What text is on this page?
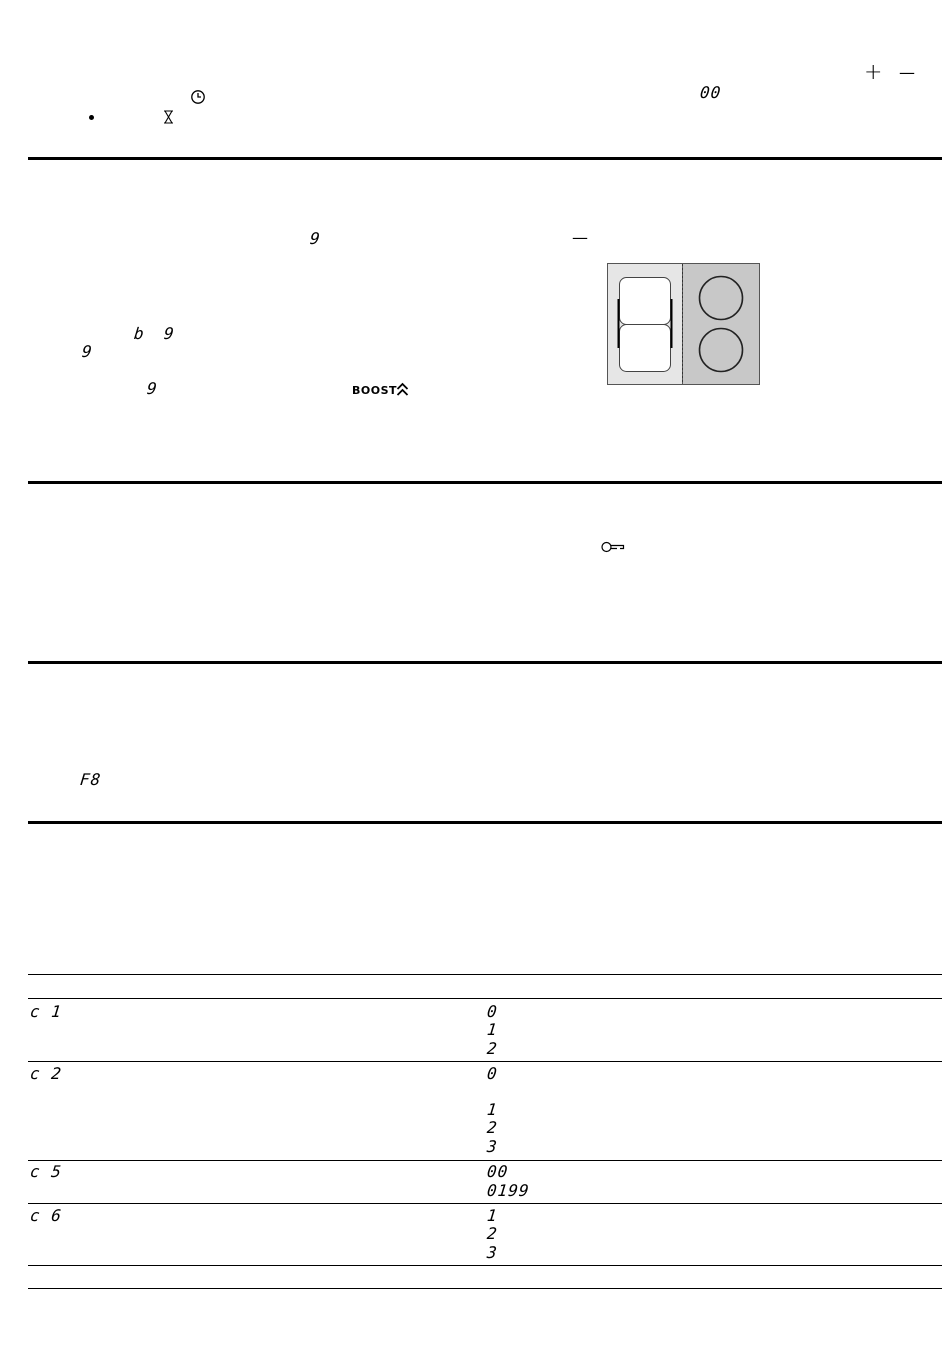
+ —
00
9	—
b 9
9
9	BOOST
F8
c 1	0
1
2
c 2	0
1
2
3
c 5	00
0199
c 6	1
2
3
